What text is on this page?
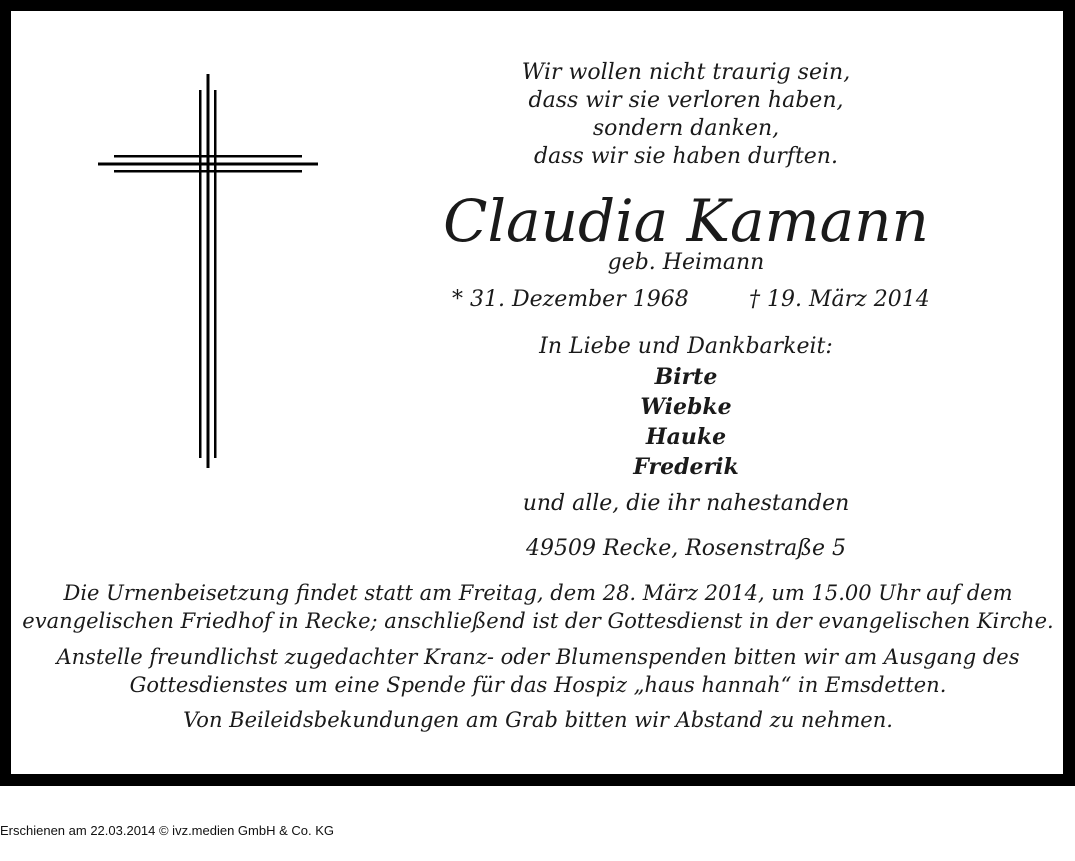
Wir wollen nicht traurig sein,
dass wir sie verloren haben,
sondern danken,
dass wir sie haben durften.
Claudia Kamann
geb. Heimann
* 31. Dezember 1968	† 19. März 2014
In Liebe und Dankbarkeit:
Birte
Wiebke
Hauke
Frederik
und alle, die ihr nahestanden
49509 Recke, Rosenstraße 5
Die Urnenbeisetzung findet statt am Freitag, dem 28. März 2014, um 15.00 Uhr auf dem
evangelischen Friedhof in Recke; anschließend ist der Gottesdienst in der evangelischen Kirche.
Anstelle freundlichst zugedachter Kranz- oder Blumenspenden bitten wir am Ausgang des
Gottesdienstes um eine Spende für das Hospiz „haus hannah“ in Emsdetten.
Von Beileidsbekundungen am Grab bitten wir Abstand zu nehmen.
Erschienen am 22.03.2014 © ivz.medien GmbH & Co. KG
